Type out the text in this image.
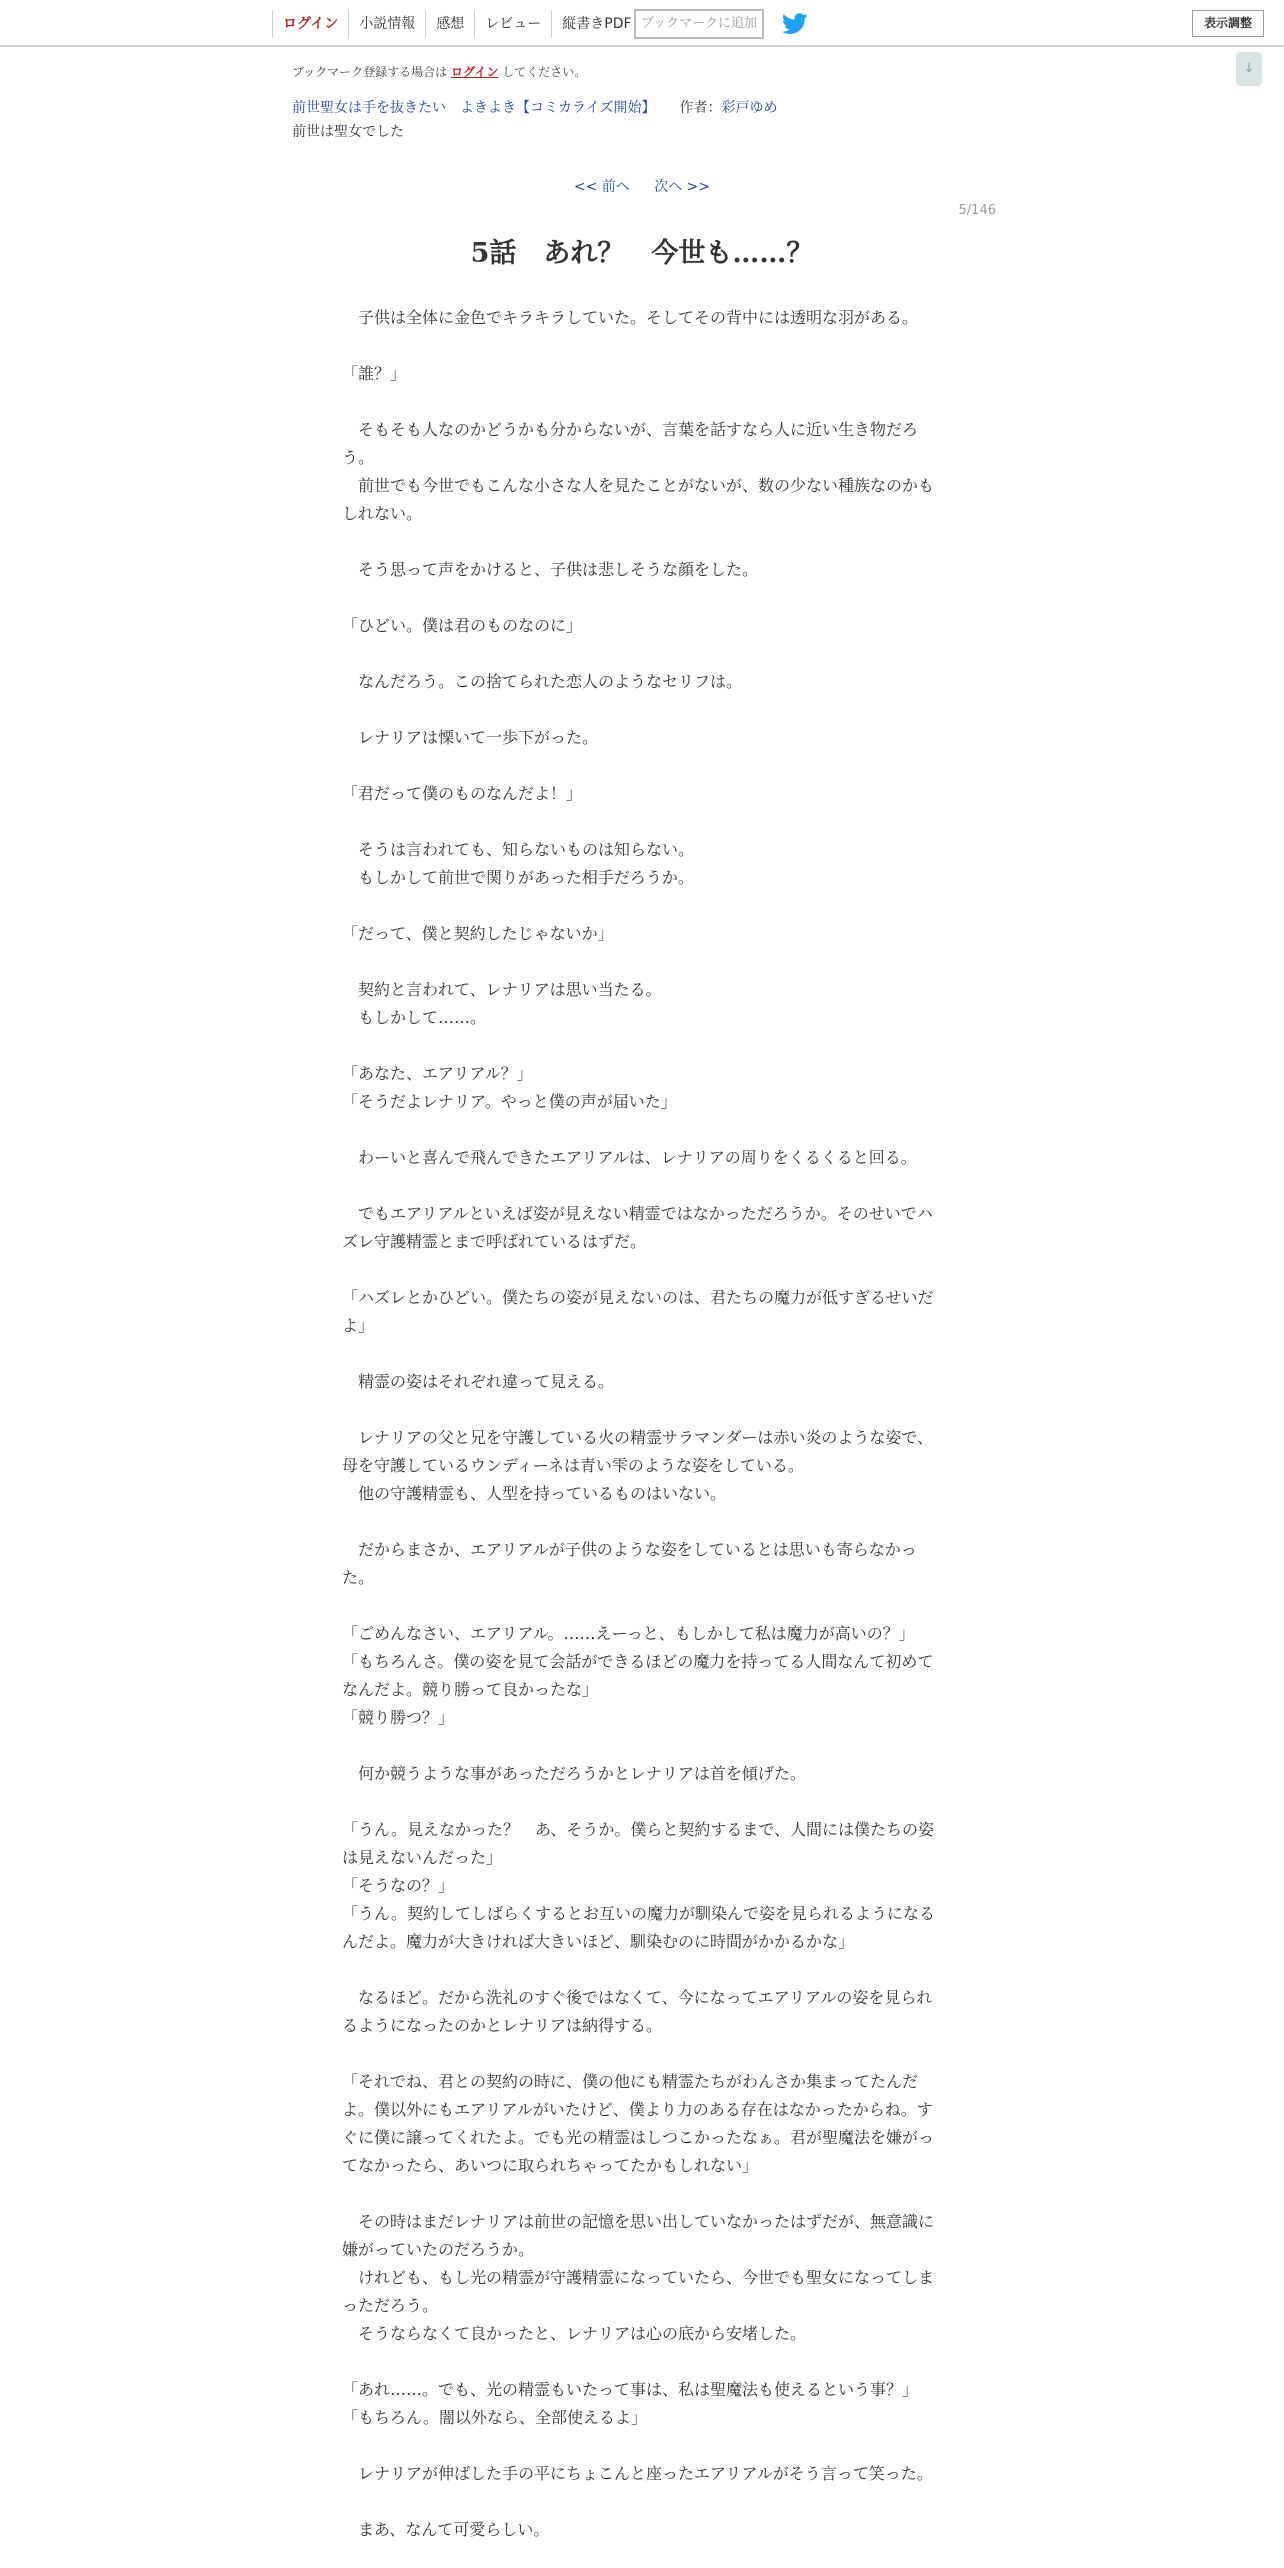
ログイン	小説情報	感想	レビュー	縦書きPDF ブックマークに追加	表示調整
↓
ブックマーク登録する場合は ログイン してください。
前世聖女は手を抜きたい　よきよき【コミカライズ開始】 作者： 彩戸ゆめ
前世は聖女でした
<< 前へ 次へ >>
5/146
5話　あれ？　今世も……？
　子供は全体に金色でキラキラしていた。そしてその背中には透明な羽がある。
「誰？」
　そもそも人なのかどうかも分からないが、言葉を話すなら人に近い生き物だろう。
　前世でも今世でもこんな小さな人を見たことがないが、数の少ない種族なのかもしれない。
　そう思って声をかけると、子供は悲しそうな顔をした。
「ひどい。僕は君のものなのに」
　なんだろう。この捨てられた恋人のようなセリフは。
　レナリアは慄いて一歩下がった。
「君だって僕のものなんだよ！」
　そうは言われても、知らないものは知らない。
　もしかして前世で関りがあった相手だろうか。
「だって、僕と契約したじゃないか」
　契約と言われて、レナリアは思い当たる。
　もしかして……。
「あなた、エアリアル？」
「そうだよレナリア。やっと僕の声が届いた」
　わーいと喜んで飛んできたエアリアルは、レナリアの周りをくるくると回る。
　でもエアリアルといえば姿が見えない精霊ではなかっただろうか。そのせいでハズレ守護精霊とまで呼ばれているはずだ。
「ハズレとかひどい。僕たちの姿が見えないのは、君たちの魔力が低すぎるせいだよ」
　精霊の姿はそれぞれ違って見える。
　レナリアの父と兄を守護している火の精霊サラマンダーは赤い炎のような姿で、母を守護しているウンディーネは青い雫のような姿をしている。
　他の守護精霊も、人型を持っているものはいない。
　だからまさか、エアリアルが子供のような姿をしているとは思いも寄らなかった。
「ごめんなさい、エアリアル。……えーっと、もしかして私は魔力が高いの？」
「もちろんさ。僕の姿を見て会話ができるほどの魔力を持ってる人間なんて初めてなんだよ。競り勝って良かったな」
「競り勝つ？」
　何か競うような事があっただろうかとレナリアは首を傾げた。
「うん。見えなかった？　あ、そうか。僕らと契約するまで、人間には僕たちの姿は見えないんだった」
「そうなの？」
「うん。契約してしばらくするとお互いの魔力が馴染んで姿を見られるようになるんだよ。魔力が大きければ大きいほど、馴染むのに時間がかかるかな」
　なるほど。だから洗礼のすぐ後ではなくて、今になってエアリアルの姿を見られるようになったのかとレナリアは納得する。
「それでね、君との契約の時に、僕の他にも精霊たちがわんさか集まってたんだよ。僕以外にもエアリアルがいたけど、僕より力のある存在はなかったからね。すぐに僕に譲ってくれたよ。でも光の精霊はしつこかったなぁ。君が聖魔法を嫌がってなかったら、あいつに取られちゃってたかもしれない」
　その時はまだレナリアは前世の記憶を思い出していなかったはずだが、無意識に嫌がっていたのだろうか。
　けれども、もし光の精霊が守護精霊になっていたら、今世でも聖女になってしまっただろう。
　そうならなくて良かったと、レナリアは心の底から安堵した。
「あれ……。でも、光の精霊もいたって事は、私は聖魔法も使えるという事？」
「もちろん。闇以外なら、全部使えるよ」
　レナリアが伸ばした手の平にちょこんと座ったエアリアルがそう言って笑った。
　まあ、なんて可愛らしい。
